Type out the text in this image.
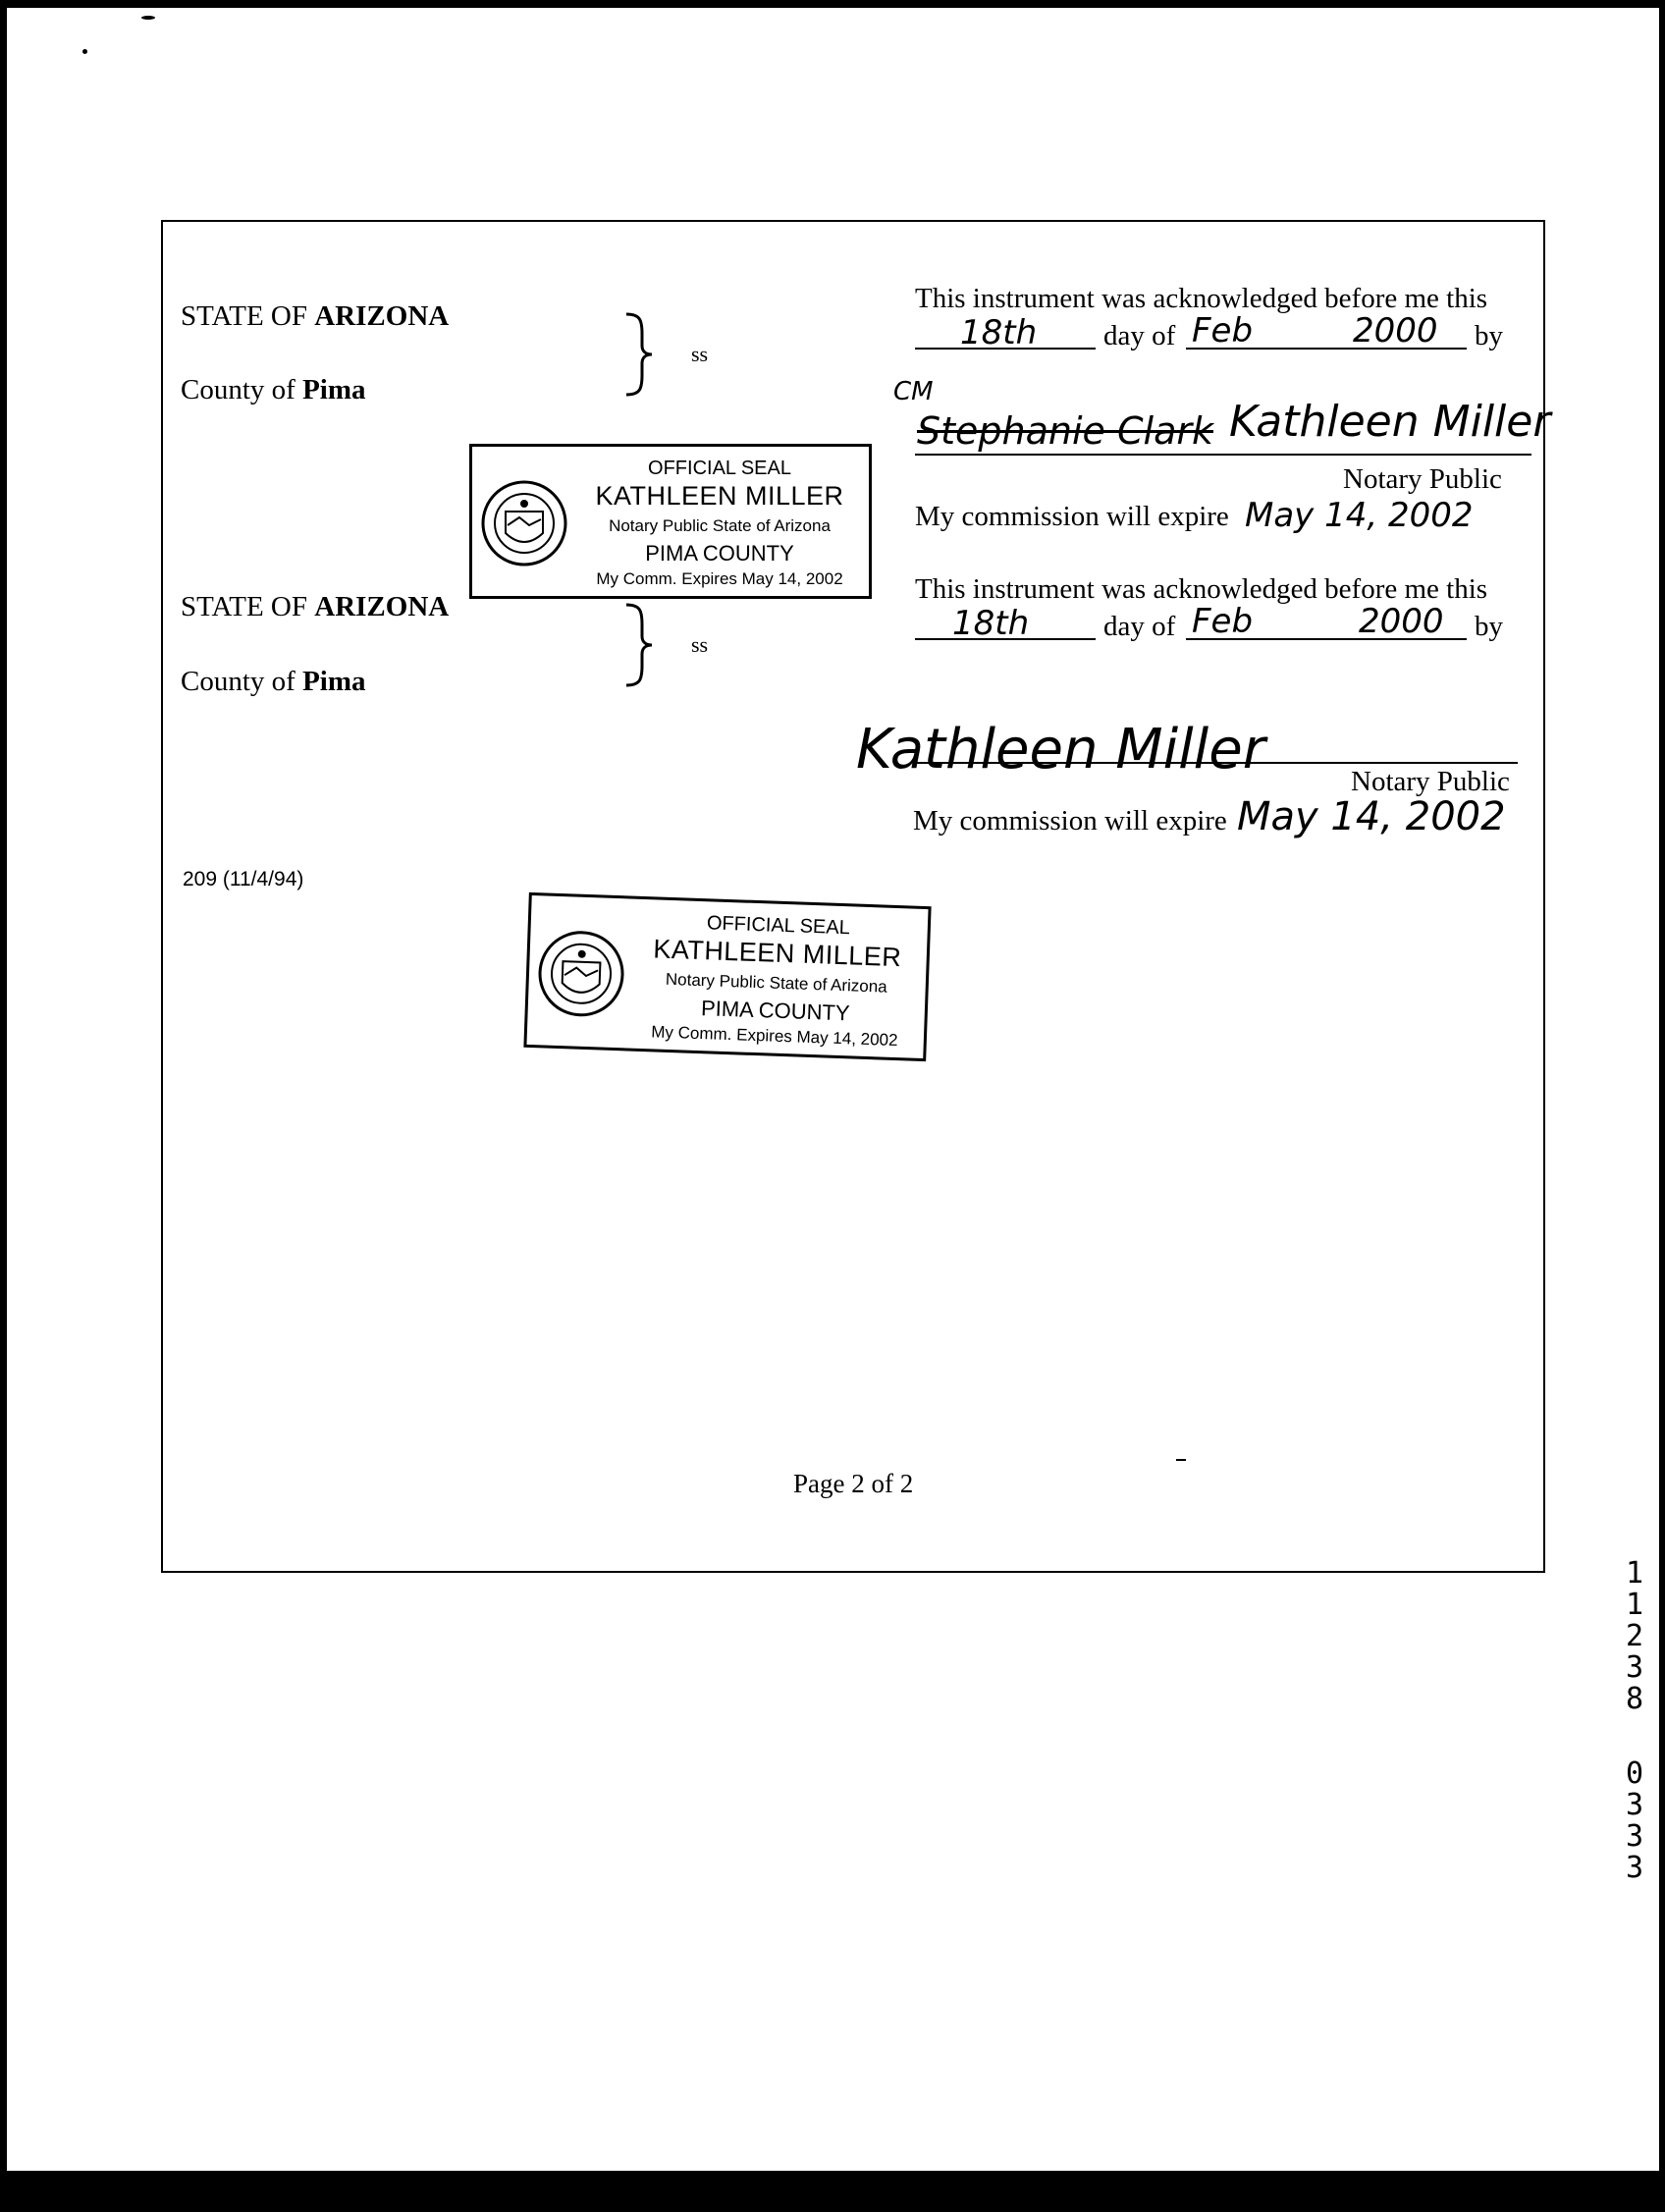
STATE OF ARIZONA
County of Pima
ss
This instrument was acknowledged before me this
18th day of Feb	2000 by
CM
Stephanie Clark Kathleen Miller
Notary Public
My commission will expire May 14, 2002
OFFICIAL SEAL
KATHLEEN MILLER
Notary Public State of Arizona
PIMA COUNTY
My Comm. Expires May 14, 2002
STATE OF ARIZONA
County of Pima
ss
This instrument was acknowledged before me this
18th	day of Feb	2000 by
Kathleen Miller	Notary Public
My commission will expire May 14, 2002
209 (11/4/94)
OFFICIAL SEAL
KATHLEEN MILLER
Notary Public State of Arizona
PIMA COUNTY
My Comm. Expires May 14, 2002
Page 2 of 2
1
1
2
3
8
0
3
3
3
